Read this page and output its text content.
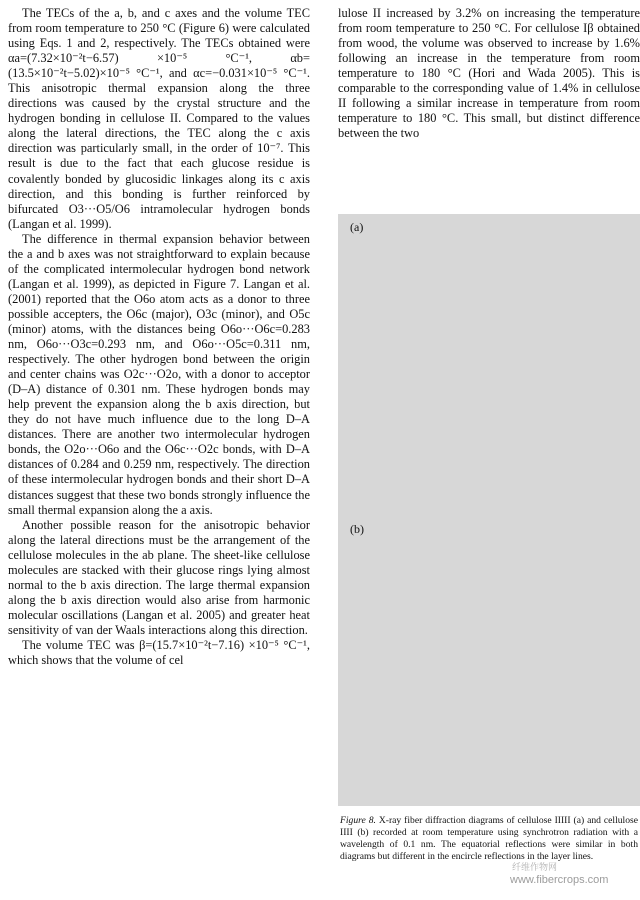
The TECs of the a, b, and c axes and the volume TEC from room temperature to 250 °C (Figure 6) were calculated using Eqs. 1 and 2, respectively. The TECs obtained were αa=(7.32×10⁻²t−6.57) ×10⁻⁵ °C⁻¹, αb=(13.5×10⁻²t−5.02)×10⁻⁵ °C⁻¹, and αc=−0.031×10⁻⁵ °C⁻¹. This anisotropic thermal expansion along the three directions was caused by the crystal structure and the hydrogen bonding in cellulose II. Compared to the values along the lateral directions, the TEC along the c axis direction was particularly small, in the order of 10⁻⁷. This result is due to the fact that each glucose residue is covalently bonded by glucosidic linkages along its c axis direction, and this bonding is further reinforced by bifurcated O3···O5/O6 intramolecular hydrogen bonds (Langan et al. 1999).

The difference in thermal expansion behavior between the a and b axes was not straightforward to explain because of the complicated intermolecular hydrogen bond network (Langan et al. 1999), as depicted in Figure 7. Langan et al. (2001) reported that the O6o atom acts as a donor to three possible accepters, the O6c (major), O3c (minor), and O5c (minor) atoms, with the distances being O6o···O6c=0.283 nm, O6o···O3c=0.293 nm, and O6o···O5c=0.311 nm, respectively. The other hydrogen bond between the origin and center chains was O2c···O2o, with a donor to acceptor (D–A) distance of 0.301 nm. These hydrogen bonds may help prevent the expansion along the b axis direction, but they do not have much influence due to the long D–A distances. There are another two intermolecular hydrogen bonds, the O2o···O6o and the O6c···O2c bonds, with D–A distances of 0.284 and 0.259 nm, respectively. The direction of these intermolecular hydrogen bonds and their short D–A distances suggest that these two bonds strongly influence the small thermal expansion along the a axis.

Another possible reason for the anisotropic behavior along the lateral directions must be the arrangement of the cellulose molecules in the ab plane. The sheet-like cellulose molecules are stacked with their glucose rings lying almost normal to the b axis direction. The large thermal expansion along the b axis direction would also arise from harmonic molecular oscillations (Langan et al. 2005) and greater heat sensitivity of van der Waals interactions along this direction.

The volume TEC was β=(15.7×10⁻²t−7.16) ×10⁻⁵ °C⁻¹, which shows that the volume of cel

lulose II increased by 3.2% on increasing the temperature from room temperature to 250 °C. For cellulose Iβ obtained from wood, the volume was observed to increase by 1.6% following an increase in the temperature from room temperature to 180 °C (Hori and Wada 2005). This is comparable to the corresponding value of 1.4% in cellulose II following a similar increase in temperature from room temperature to 180 °C. This small, but distinct difference between the two

(a)
(b)
Figure 8. X-ray fiber diffraction diagrams of cellulose IIIII (a) and cellulose IIII (b) recorded at room temperature using synchrotron radiation with a wavelength of 0.1 nm. The equatorial reflections were similar in both diagrams but different in the encircle reflections in the layer lines.
纤维作物网
www.fibercrops.com
